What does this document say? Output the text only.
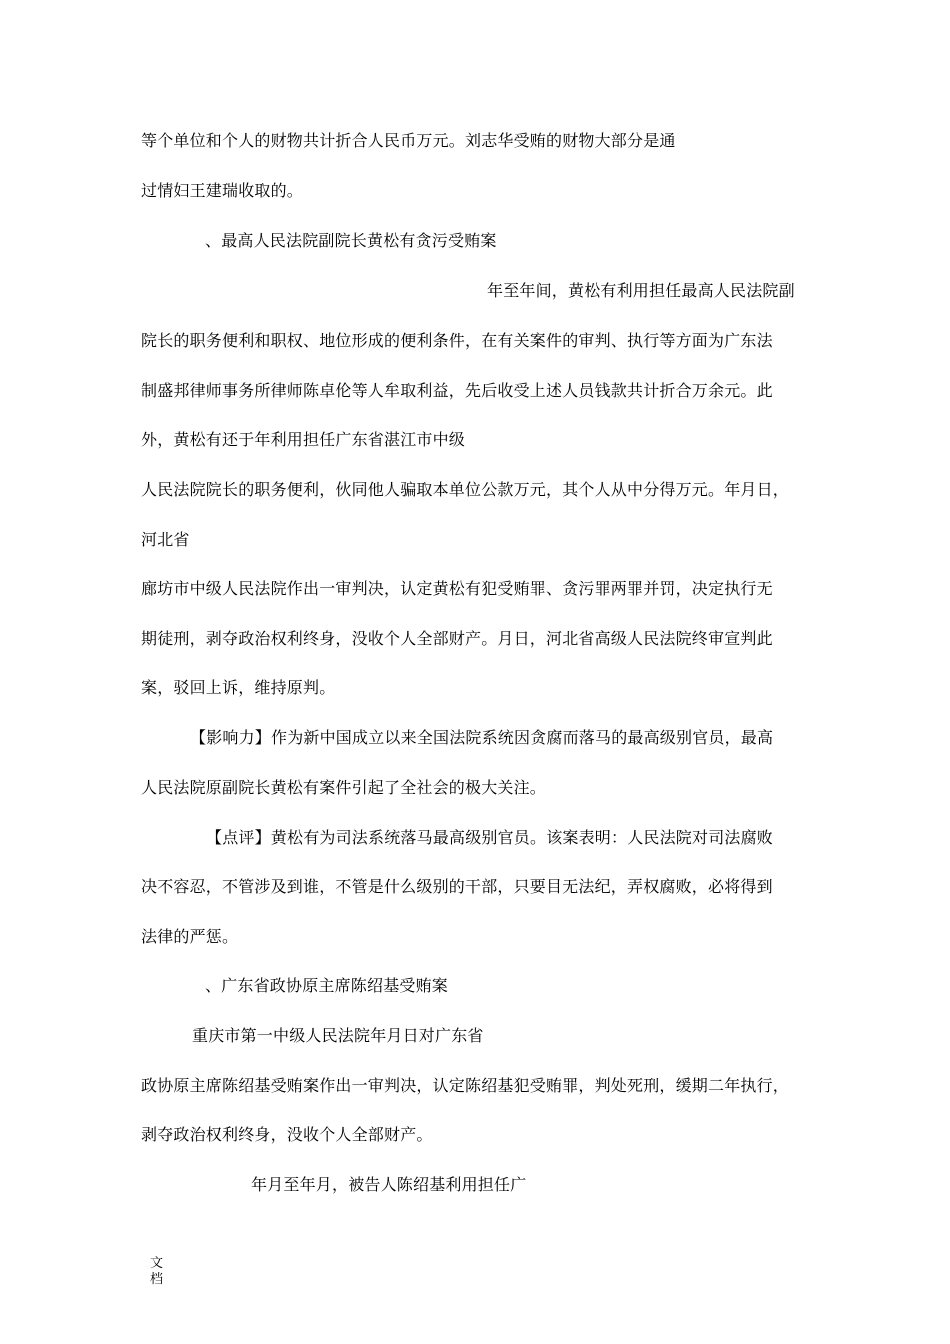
等个单位和个人的财物共计折合人民币万元。刘志华受贿的财物大部分是通
过情妇王建瑞收取的。
、最高人民法院副院长黄松有贪污受贿案
年至年间，黄松有利用担任最高人民法院副
院长的职务便利和职权、地位形成的便利条件，在有关案件的审判、执行等方面为广东法
制盛邦律师事务所律师陈卓伦等人牟取利益，先后收受上述人员钱款共计折合万余元。此
外，黄松有还于年利用担任广东省湛江市中级
人民法院院长的职务便利，伙同他人骗取本单位公款万元，其个人从中分得万元。年月日，
河北省
廊坊市中级人民法院作出一审判决，认定黄松有犯受贿罪、贪污罪两罪并罚，决定执行无
期徒刑，剥夺政治权利终身，没收个人全部财产。月日，河北省高级人民法院终审宣判此
案，驳回上诉，维持原判。
【影响力】作为新中国成立以来全国法院系统因贪腐而落马的最高级别官员，最高
人民法院原副院长黄松有案件引起了全社会的极大关注。
【点评】黄松有为司法系统落马最高级别官员。该案表明：人民法院对司法腐败
决不容忍，不管涉及到谁，不管是什么级别的干部，只要目无法纪，弄权腐败，必将得到
法律的严惩。
、广东省政协原主席陈绍基受贿案
重庆市第一中级人民法院年月日对广东省
政协原主席陈绍基受贿案作出一审判决，认定陈绍基犯受贿罪，判处死刑，缓期二年执行，
剥夺政治权利终身，没收个人全部财产。
年月至年月，被告人陈绍基利用担任广
文
档
